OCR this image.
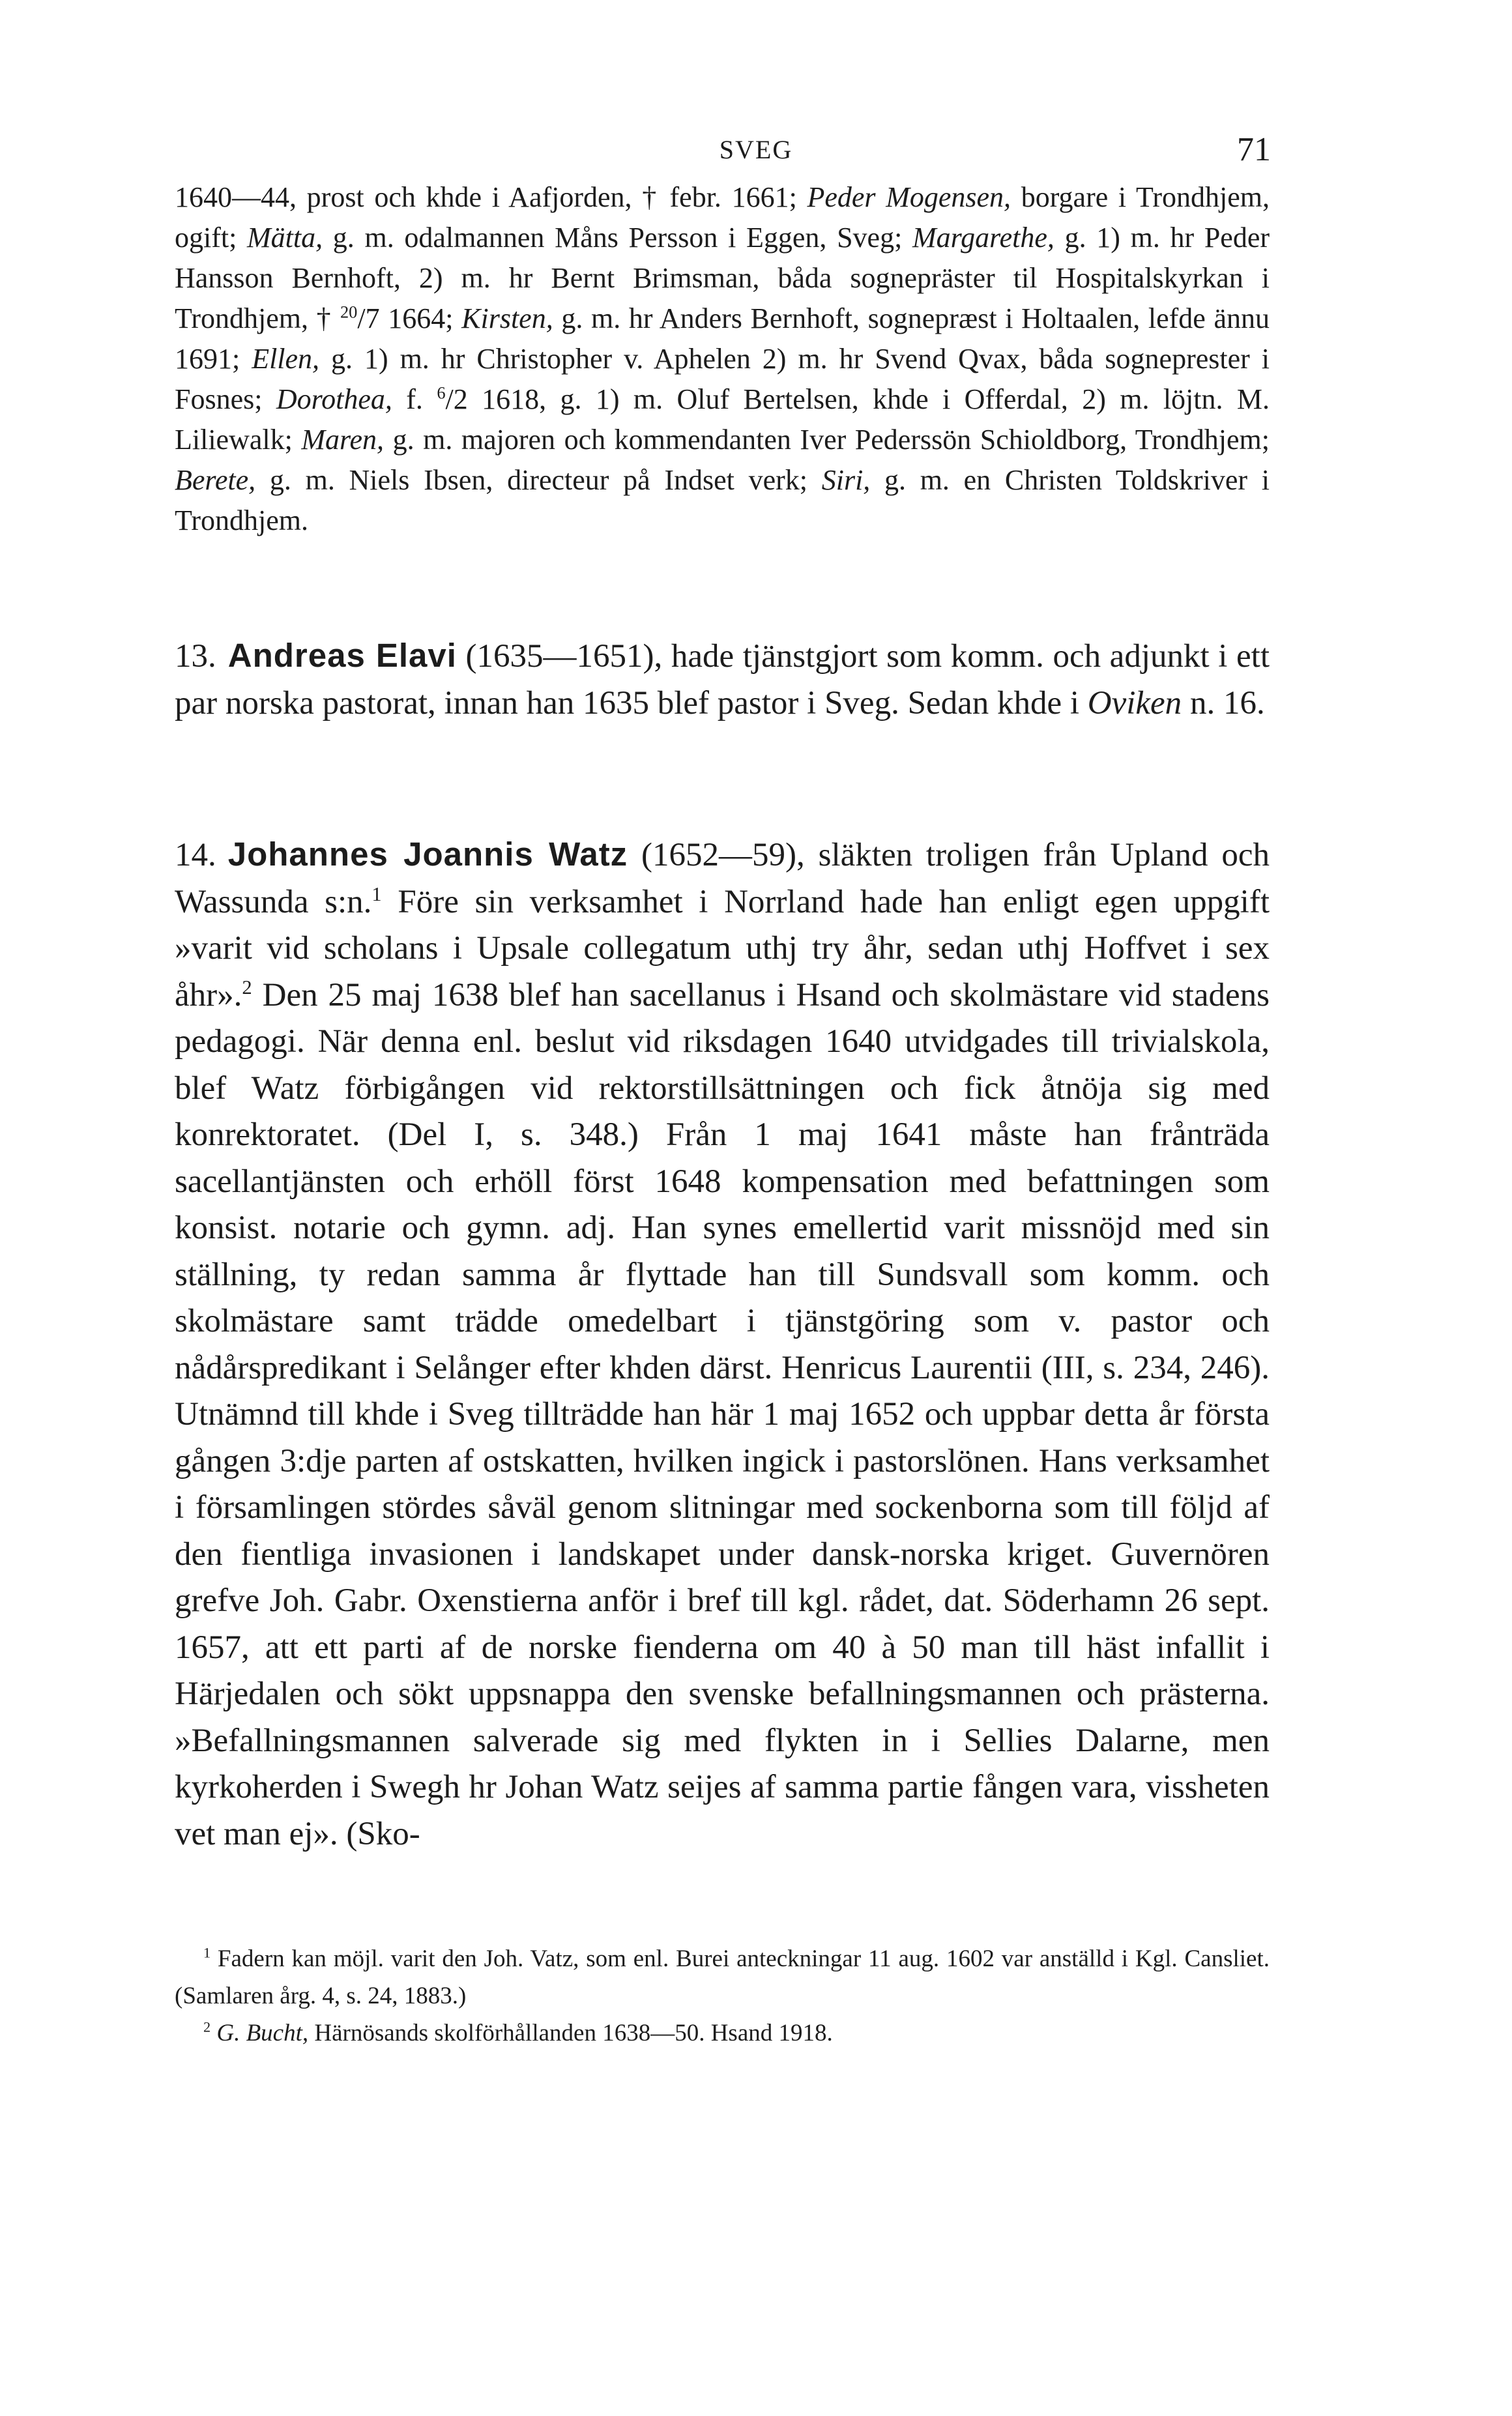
SVEG	71
1640—44, prost och khde i Aafjorden, † febr. 1661; Peder Mogensen, borgare i Trondhjem, ogift; Mätta, g. m. odalmannen Måns Persson i Eggen, Sveg; Margarethe, g. 1) m. hr Peder Hansson Bernhoft, 2) m. hr Bernt Brimsman, båda sognepräster til Hospitalskyrkan i Trondhjem, † $^{20}$/7 1664; Kirsten, g. m. hr Anders Bernhoft, sognepræst i Holtaalen, lefde ännu 1691; Ellen, g. 1) m. hr Christopher v. Aphelen 2) m. hr Svend Qvax, båda sogneprester i Fosnes; Dorothea, f. $^6$/2 1618, g. 1) m. Oluf Bertelsen, khde i Offerdal, 2) m. löjtn. M. Liliewalk; Maren, g. m. majoren och kommendanten Iver Pederssön Schioldborg, Trondhjem; Berete, g. m. Niels Ibsen, directeur på Indset verk; Siri, g. m. en Christen Toldskriver i Trondhjem.
13. Andreas Elavi (1635—1651), hade tjänstgjort som komm. och adjunkt i ett par norska pastorat, innan han 1635 blef pastor i Sveg. Sedan khde i Oviken n. 16.
14. Johannes Joannis Watz (1652—59), släkten troligen från Upland och Wassunda s:n.$^1$ Före sin verksamhet i Norrland hade han enligt egen uppgift »varit vid scholans i Upsale collegatum uthj try åhr, sedan uthj Hoffvet i sex åhr».$^2$ Den 25 maj 1638 blef han sacellanus i Hsand och skolmästare vid stadens pedagogi. När denna enl. beslut vid riksdagen 1640 utvidgades till trivialskola, blef Watz förbigången vid rektorstillsättningen och fick åtnöja sig med konrektoratet. (Del I, s. 348.) Från 1 maj 1641 måste han frånträda sacellantjänsten och erhöll först 1648 kompensation med befattningen som konsist. notarie och gymn. adj. Han synes emellertid varit missnöjd med sin ställning, ty redan samma år flyttade han till Sundsvall som komm. och skolmästare samt trädde omedelbart i tjänstgöring som v. pastor och nådårspredikant i Selånger efter khden därst. Henricus Laurentii (III, s. 234, 246). Utnämnd till khde i Sveg tillträdde han här 1 maj 1652 och uppbar detta år första gången 3:dje parten af ostskatten, hvilken ingick i pastorslönen. Hans verksamhet i församlingen stördes såväl genom slitningar med sockenborna som till följd af den fientliga invasionen i landskapet under dansk-norska kriget. Guvernören grefve Joh. Gabr. Oxenstierna anför i bref till kgl. rådet, dat. Söderhamn 26 sept. 1657, att ett parti af de norske fienderna om 40 à 50 man till häst infallit i Härjedalen och sökt uppsnappa den svenske befallningsmannen och prästerna. »Befallningsmannen salverade sig med flykten in i Sellies Dalarne, men kyrkoherden i Swegh hr Johan Watz seijes af samma partie fången vara, vissheten vet man ej». (Sko-
$^1$ Fadern kan möjl. varit den Joh. Vatz, som enl. Burei anteckningar 11 aug. 1602 var anställd i Kgl. Cansliet. (Samlaren årg. 4, s. 24, 1883.)
$^2$ G. Bucht, Härnösands skolförhållanden 1638—50. Hsand 1918.
